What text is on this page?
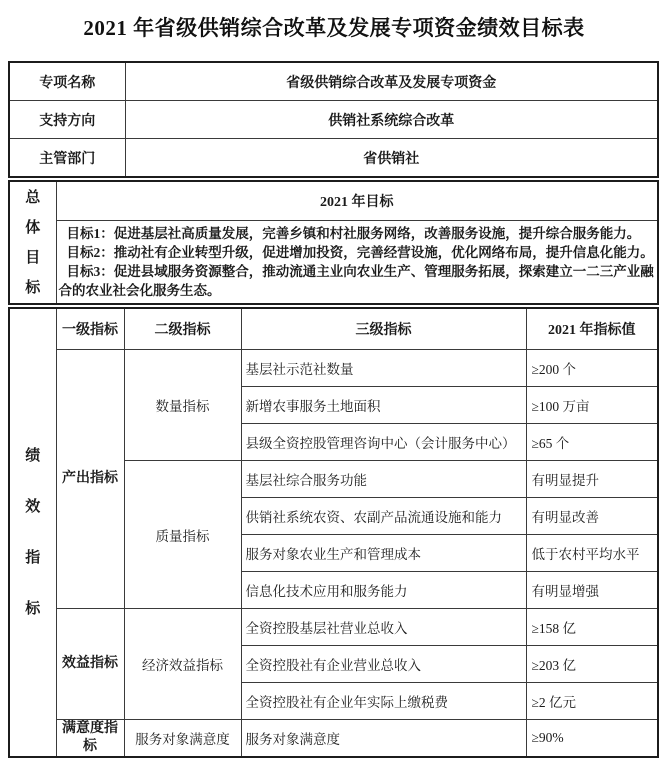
2021 年省级供销综合改革及发展专项资金绩效目标表
专项名称	省级供销综合改革及发展专项资金
支持方向	供销社系统综合改革
主管部门	省供销社
总体目标
	2021 年目标

目标1：促进基层社高质量发展，完善乡镇和村社服务网络，改善服务设施，提升综合服务能力。

目标2：推动社有企业转型升级，促进增加投资，完善经营设施，优化网络布局，提升信息化能力。

目标3：促进县域服务资源整合，推动流通主业向农业生产、管理服务拓展，探索建立一二三产业融合的农业社会化服务生态。

绩效指标	一级指标	二级指标	三级指标	2021 年指标值
	产出指标	数量指标	基层社示范社数量	≥200 个
			新增农事服务土地面积	≥100 万亩
			县级全资控股管理咨询中心（会计服务中心）	≥65 个
		质量指标	基层社综合服务功能	有明显提升
			供销社系统农资、农副产品流通设施和能力	有明显改善
			服务对象农业生产和管理成本	低于农村平均水平
			信息化技术应用和服务能力	有明显增强
	效益指标	经济效益指标	全资控股基层社营业总收入	≥158 亿
			全资控股社有企业营业总收入	≥203 亿
			全资控股社有企业年实际上缴税费	≥2 亿元
	满意度指标	服务对象满意度	服务对象满意度	≥90%
